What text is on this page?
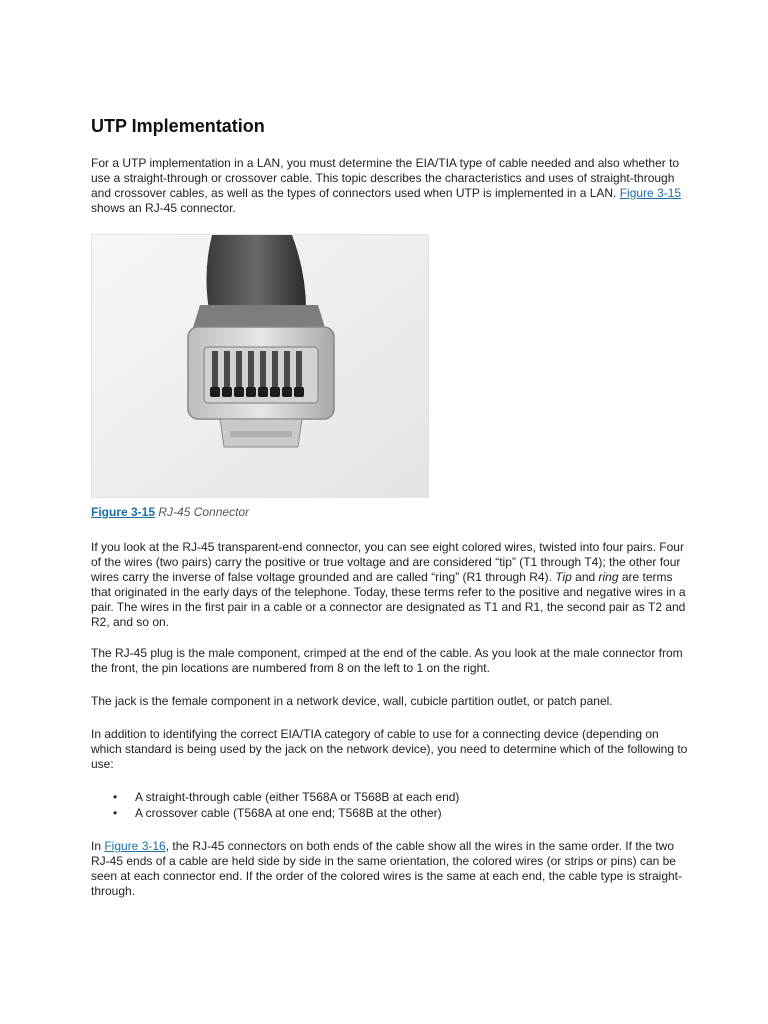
UTP Implementation

For a UTP implementation in a LAN, you must determine the EIA/TIA type of cable needed and also whether to use a straight-through or crossover cable. This topic describes the characteristics and uses of straight-through and crossover cables, as well as the types of connectors used when UTP is implemented in a LAN. Figure 3-15 shows an RJ-45 connector.

Figure 3-15 RJ-45 Connector

If you look at the RJ-45 transparent-end connector, you can see eight colored wires, twisted into four pairs. Four of the wires (two pairs) carry the positive or true voltage and are considered “tip” (T1 through T4); the other four wires carry the inverse of false voltage grounded and are called “ring” (R1 through R4). Tip and ring are terms that originated in the early days of the telephone. Today, these terms refer to the positive and negative wires in a pair. The wires in the first pair in a cable or a connector are designated as T1 and R1, the second pair as T2 and R2, and so on.

The RJ-45 plug is the male component, crimped at the end of the cable. As you look at the male connector from the front, the pin locations are numbered from 8 on the left to 1 on the right.

The jack is the female component in a network device, wall, cubicle partition outlet, or patch panel.

In addition to identifying the correct EIA/TIA category of cable to use for a connecting device (depending on which standard is being used by the jack on the network device), you need to determine which of the following to use:

• A straight-through cable (either T568A or T568B at each end)
• A crossover cable (T568A at one end; T568B at the other)

In Figure 3-16, the RJ-45 connectors on both ends of the cable show all the wires in the same order. If the two RJ-45 ends of a cable are held side by side in the same orientation, the colored wires (or strips or pins) can be seen at each connector end. If the order of the colored wires is the same at each end, the cable type is straight-through.
